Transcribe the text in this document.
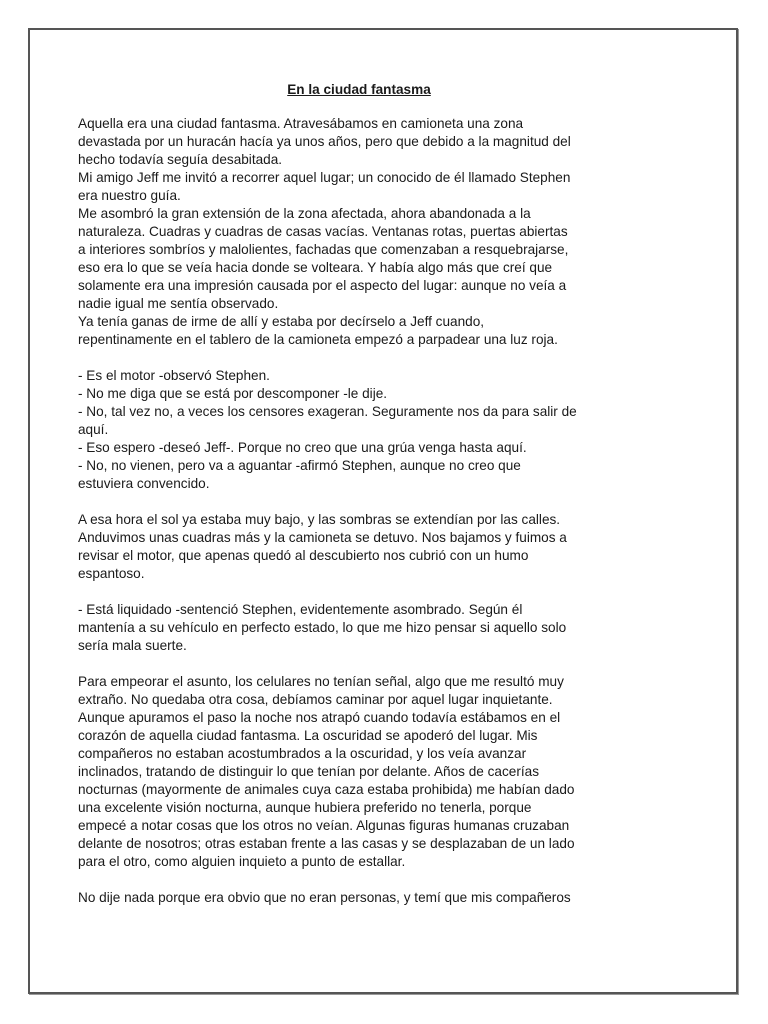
En la ciudad fantasma

Aquella era una ciudad fantasma. Atravesábamos en camioneta una zona
devastada por un huracán hacía ya unos años, pero que debido a la magnitud del
hecho todavía seguía desabitada.
Mi amigo Jeff me invitó a recorrer aquel lugar; un conocido de él llamado Stephen
era nuestro guía.
Me asombró la gran extensión de la zona afectada, ahora abandonada a la
naturaleza. Cuadras y cuadras de casas vacías. Ventanas rotas, puertas abiertas
a interiores sombríos y malolientes, fachadas que comenzaban a resquebrajarse,
eso era lo que se veía hacia donde se volteara. Y había algo más que creí que
solamente era una impresión causada por el aspecto del lugar: aunque no veía a
nadie igual me sentía observado.
Ya tenía ganas de irme de allí y estaba por decírselo a Jeff cuando,
repentinamente en el tablero de la camioneta empezó a parpadear una luz roja.

- Es el motor -observó Stephen.
- No me diga que se está por descomponer -le dije.
- No, tal vez no, a veces los censores exageran. Seguramente nos da para salir de
aquí.
- Eso espero -deseó Jeff-. Porque no creo que una grúa venga hasta aquí.
- No, no vienen, pero va a aguantar -afirmó Stephen, aunque no creo que
estuviera convencido.

A esa hora el sol ya estaba muy bajo, y las sombras se extendían por las calles.
Anduvimos unas cuadras más y la camioneta se detuvo. Nos bajamos y fuimos a
revisar el motor, que apenas quedó al descubierto nos cubrió con un humo
espantoso.

- Está liquidado -sentenció Stephen, evidentemente asombrado. Según él
mantenía a su vehículo en perfecto estado, lo que me hizo pensar si aquello solo
sería mala suerte.

Para empeorar el asunto, los celulares no tenían señal, algo que me resultó muy
extraño. No quedaba otra cosa, debíamos caminar por aquel lugar inquietante.
Aunque apuramos el paso la noche nos atrapó cuando todavía estábamos en el
corazón de aquella ciudad fantasma. La oscuridad se apoderó del lugar. Mis
compañeros no estaban acostumbrados a la oscuridad, y los veía avanzar
inclinados, tratando de distinguir lo que tenían por delante. Años de cacerías
nocturnas (mayormente de animales cuya caza estaba prohibida) me habían dado
una excelente visión nocturna, aunque hubiera preferido no tenerla, porque
empecé a notar cosas que los otros no veían. Algunas figuras humanas cruzaban
delante de nosotros; otras estaban frente a las casas y se desplazaban de un lado
para el otro, como alguien inquieto a punto de estallar.

No dije nada porque era obvio que no eran personas, y temí que mis compañeros
